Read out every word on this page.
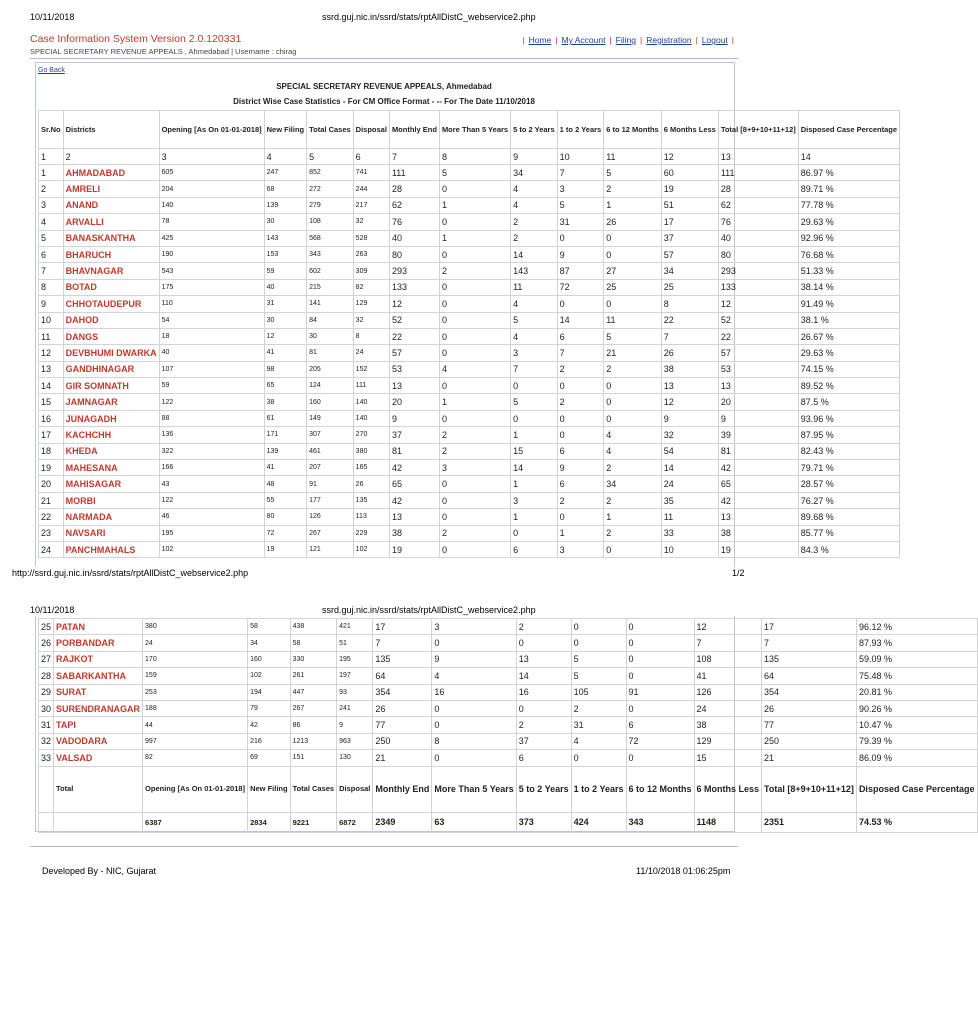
10/11/2018	ssrd.guj.nic.in/ssrd/stats/rptAllDistC_webservice2.php
Case Information System Version 2.0.120331
SPECIAL SECRETARY REVENUE APPEALS , Ahmedabad | Username : chirag
| Home | My Account | Filing | Registration | Logout |
Go Back
SPECIAL SECRETARY REVENUE APPEALS, Ahmedabad
District Wise Case Statistics - For CM Office Format - -- For The Date 11/10/2018
Sr.No	Districts	Opening [As On 01-01-2018]	New Filing	Total Cases	Disposal	Monthly End	More Than 5 Years	5 to 2 Years	1 to 2 Years	6 to 12 Months	6 Months Less	Total [8+9+10+11+12]	Disposed Case Percentage
1	2	3	4	5	6	7	8	9	10	11	12	13	14
1	AHMADABAD	605	247	852	741	111	5	34	7	5	60	111	86.97 %
2	AMRELI	204	68	272	244	28	0	4	3	2	19	28	89.71 %
3	ANAND	140	139	279	217	62	1	4	5	1	51	62	77.78 %
4	ARVALLI	78	30	108	32	76	0	2	31	26	17	76	29.63 %
5	BANASKANTHA	425	143	568	528	40	1	2	0	0	37	40	92.96 %
6	BHARUCH	190	153	343	263	80	0	14	9	0	57	80	76.68 %
7	BHAVNAGAR	543	59	602	309	293	2	143	87	27	34	293	51.33 %
8	BOTAD	175	40	215	82	133	0	11	72	25	25	133	38.14 %
9	CHHOTAUDEPUR	110	31	141	129	12	0	4	0	0	8	12	91.49 %
10	DAHOD	54	30	84	32	52	0	5	14	11	22	52	38.1 %
11	DANGS	18	12	30	8	22	0	4	6	5	7	22	26.67 %
12	DEVBHUMI DWARKA	40	41	81	24	57	0	3	7	21	26	57	29.63 %
13	GANDHINAGAR	107	98	205	152	53	4	7	2	2	38	53	74.15 %
14	GIR SOMNATH	59	65	124	111	13	0	0	0	0	13	13	89.52 %
15	JAMNAGAR	122	38	160	140	20	1	5	2	0	12	20	87.5 %
16	JUNAGADH	88	61	149	140	9	0	0	0	0	9	9	93.96 %
17	KACHCHH	136	171	307	270	37	2	1	0	4	32	39	87.95 %
18	KHEDA	322	139	461	380	81	2	15	6	4	54	81	82.43 %
19	MAHESANA	166	41	207	165	42	3	14	9	2	14	42	79.71 %
20	MAHISAGAR	43	48	91	26	65	0	1	6	34	24	65	28.57 %
21	MORBI	122	55	177	135	42	0	3	2	2	35	42	76.27 %
22	NARMADA	46	80	126	113	13	0	1	0	1	11	13	89.68 %
23	NAVSARI	195	72	267	229	38	2	0	1	2	33	38	85.77 %
24	PANCHMAHALS	102	19	121	102	19	0	6	3	0	10	19	84.3 %
http://ssrd.guj.nic.in/ssrd/stats/rptAllDistC_webservice2.php	1/2
10/11/2018	ssrd.guj.nic.in/ssrd/stats/rptAllDistC_webservice2.php
25	PATAN	380	58	438	421	17	3	2	0	0	12	17	96.12 %
26	PORBANDAR	24	34	58	51	7	0	0	0	0	7	7	87.93 %
27	RAJKOT	170	160	330	195	135	9	13	5	0	108	135	59.09 %
28	SABARKANTHA	159	102	261	197	64	4	14	5	0	41	64	75.48 %
29	SURAT	253	194	447	93	354	16	16	105	91	126	354	20.81 %
30	SURENDRANAGAR	188	79	267	241	26	0	0	2	0	24	26	90.26 %
31	TAPI	44	42	86	9	77	0	2	31	6	38	77	10.47 %
32	VADODARA	997	216	1213	963	250	8	37	4	72	129	250	79.39 %
33	VALSAD	82	69	151	130	21	0	6	0	0	15	21	86.09 %
	Total	Opening [As On 01-01-2018]	New Filing	Total Cases	Disposal	Monthly End	More Than 5 Years	5 to 2 Years	1 to 2 Years	6 to 12 Months	6 Months Less	Total [8+9+10+11+12]	Disposed Case Percentage
		6387	2834	9221	6872	2349	63	373	424	343	1148	2351	74.53 %
Developed By - NIC, Gujarat	11/10/2018 01:06:25pm
